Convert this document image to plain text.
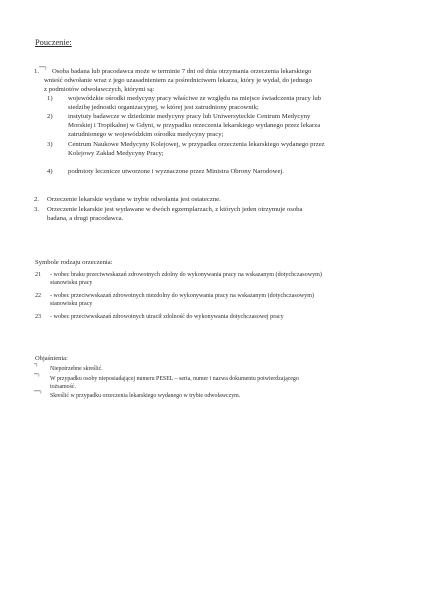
Pouczenie:
1.***)
Osoba badana lub pracodawca może w terminie 7 dni od dnia otrzymania orzeczenia lekarskiego
wnieść odwołanie wraz z jego uzasadnieniem za pośrednictwem lekarza, który je wydał, do jednego
z podmiotów odwoławczych, którymi są:
1) wojewódzkie ośrodki medycyny pracy właściwe ze względu na miejsce świadczenia pracy lub
siedzibę jednostki organizacyjnej, w której jest zatrudniony pracownik;
2) instytuty badawcze w dziedzinie medycyny pracy lub Uniwersyteckie Centrum Medycyny
Morskiej i Tropikalnej w Gdyni, w przypadku orzeczenia lekarskiego wydanego przez lekarza
zatrudnionego w wojewódzkim ośrodku medycyny pracy;
3) Centrum Naukowe Medycyny Kolejowej, w przypadku orzeczenia lekarskiego wydanego przez
Kolejowy Zakład Medycyny Pracy;
4) podmioty lecznicze utworzone i wyznaczone przez Ministra Obrony Narodowej.
2. Orzeczenie lekarskie wydane w trybie odwołania jest ostateczne.
3. Orzeczenie lekarskie jest wydawane w dwóch egzemplarzach, z których jeden otrzymuje osoba
badana, a drugi pracodawca.
Symbole rodzaju orzeczenia:
21 - wobec braku przeciwwskazań zdrowotnych zdolny do wykonywania pracy na wskazanym (dotychczasowym)
stanowisku pracy
22 - wobec przeciwwskazań zdrowotnych niezdolny do wykonywania pracy na wskazanym (dotychczasowym)
stanowisku pracy
23 - wobec przeciwwskazań zdrowotnych utracił zdolność do wykonywania dotychczasowej pracy
Objaśnienia:
*)
Niepotrzebne skreślić.
**)
W przypadku osoby nieposiadającej numeru PESEL – seria, numer i nazwa dokumentu potwierdzającego
tożsamość.
***)
Skreślić w przypadku orzeczenia lekarskiego wydanego w trybie odwoławczym.
